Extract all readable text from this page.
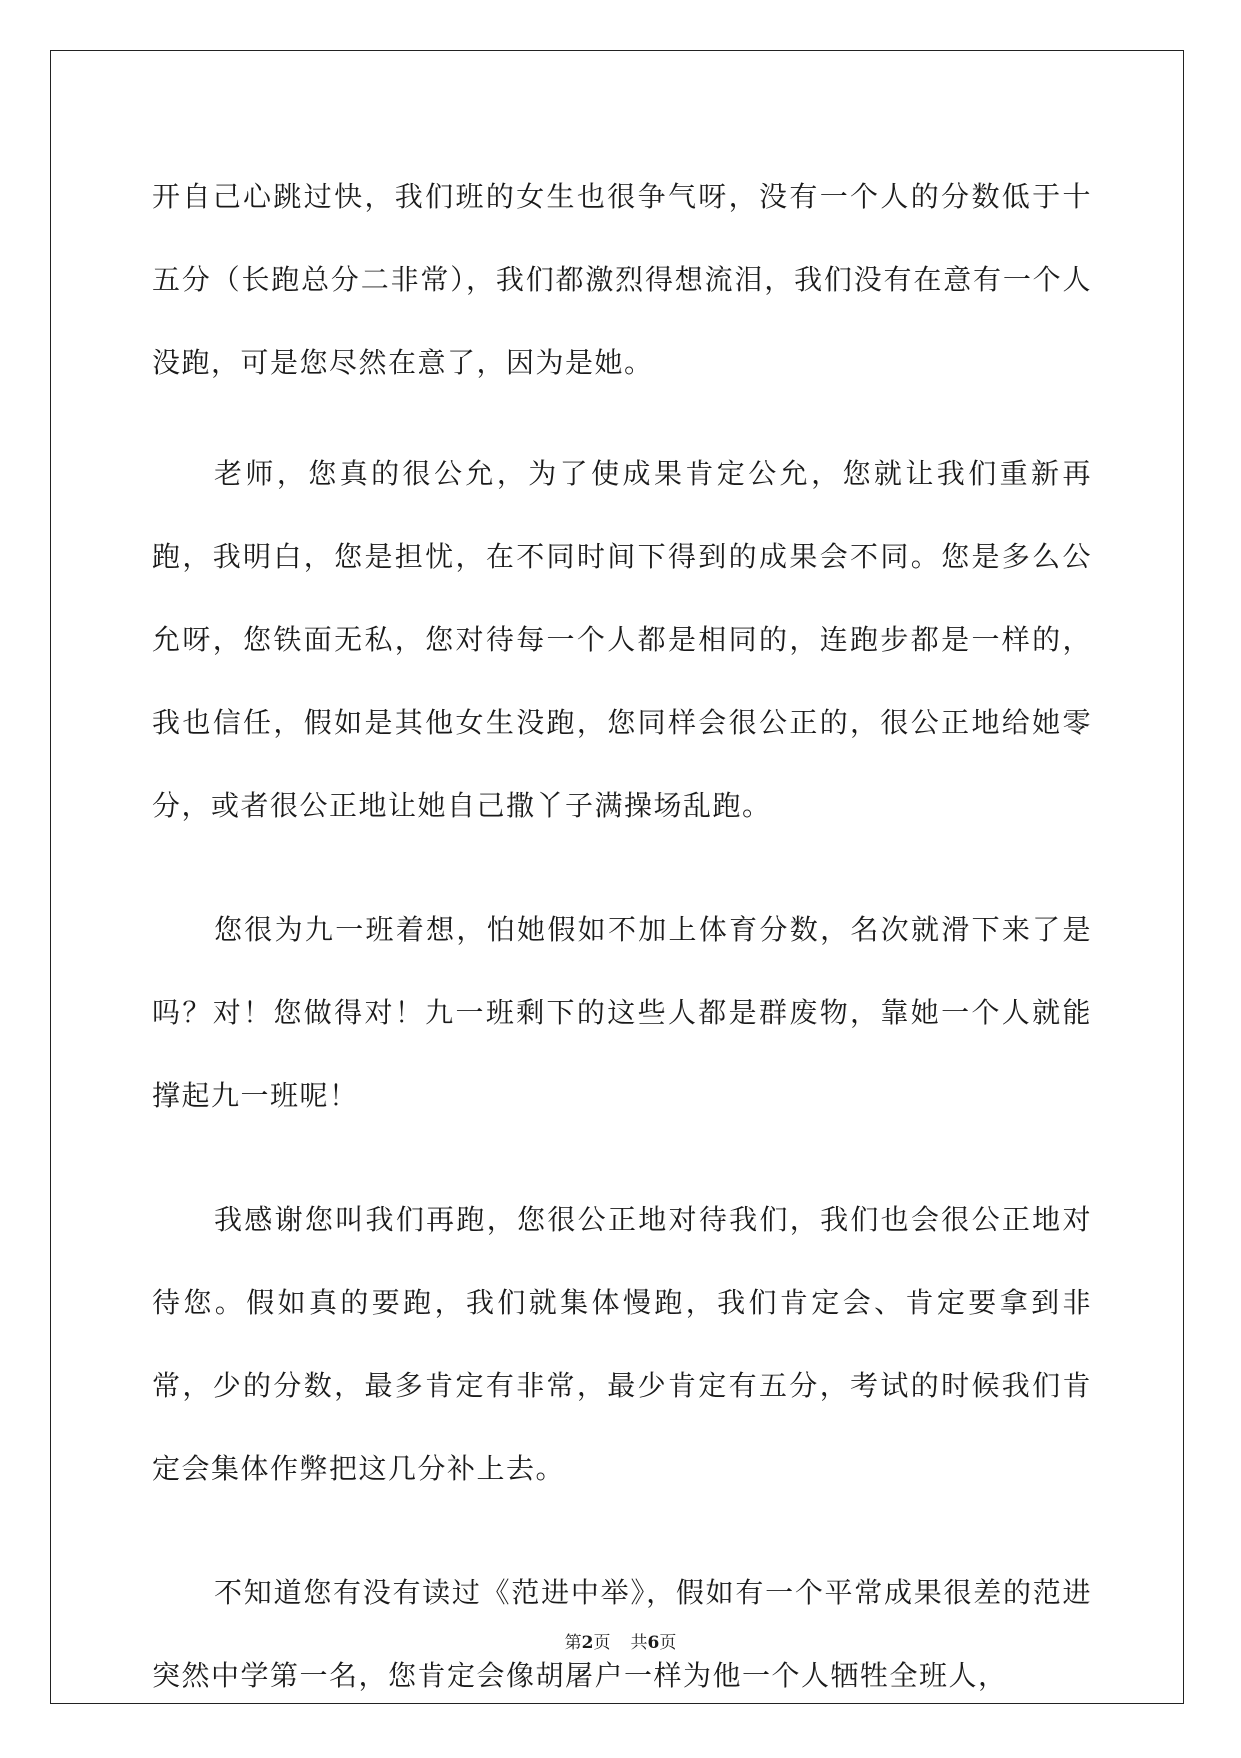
开自己心跳过快，我们班的女生也很争气呀，没有一个人的分数低于十五分（长跑总分二非常），我们都激烈得想流泪，我们没有在意有一个人没跑，可是您尽然在意了，因为是她。

老师，您真的很公允，为了使成果肯定公允，您就让我们重新再跑，我明白，您是担忧，在不同时间下得到的成果会不同。您是多么公允呀，您铁面无私，您对待每一个人都是相同的，连跑步都是一样的，我也信任，假如是其他女生没跑，您同样会很公正的，很公正地给她零分，或者很公正地让她自己撒丫子满操场乱跑。

您很为九一班着想，怕她假如不加上体育分数，名次就滑下来了是吗？对！您做得对！九一班剩下的这些人都是群废物，靠她一个人就能撑起九一班呢！

我感谢您叫我们再跑，您很公正地对待我们，我们也会很公正地对待您。假如真的要跑，我们就集体慢跑，我们肯定会、肯定要拿到非常，少的分数，最多肯定有非常，最少肯定有五分，考试的时候我们肯定会集体作弊把这几分补上去。

不知道您有没有读过《范进中举》，假如有一个平常成果很差的范进突然中学第一名，您肯定会像胡屠户一样为他一个人牺牲全班人，

第2页 共6页
